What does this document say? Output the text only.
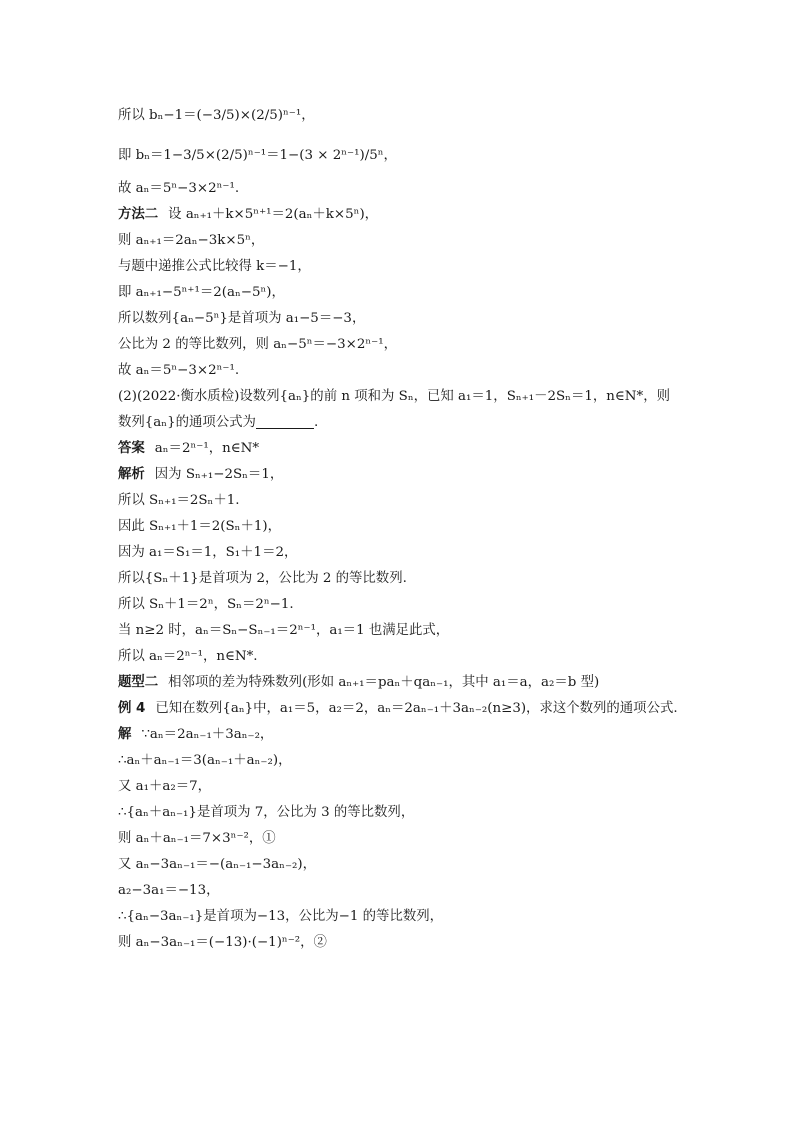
所以 bₙ−1＝(−3/5)×(2/5)ⁿ⁻¹，
即 bₙ＝1−3/5×(2/5)ⁿ⁻¹＝1−(3 × 2ⁿ⁻¹)/5ⁿ，
故 aₙ＝5ⁿ−3×2ⁿ⁻¹.
方法二 设 aₙ₊₁＋k×5ⁿ⁺¹＝2(aₙ＋k×5ⁿ)，
则 aₙ₊₁＝2aₙ−3k×5ⁿ，
与题中递推公式比较得 k＝−1，
即 aₙ₊₁−5ⁿ⁺¹＝2(aₙ−5ⁿ)，
所以数列{aₙ−5ⁿ}是首项为 a₁−5＝−3，
公比为 2 的等比数列，则 aₙ−5ⁿ＝−3×2ⁿ⁻¹，
故 aₙ＝5ⁿ−3×2ⁿ⁻¹.
(2)(2022·衡水质检)设数列{aₙ}的前 n 项和为 Sₙ，已知 a₁＝1，Sₙ₊₁－2Sₙ＝1，n∈N*，则数列{aₙ}的通项公式为	.
答案 aₙ＝2ⁿ⁻¹，n∈N*
解析 因为 Sₙ₊₁−2Sₙ＝1，
所以 Sₙ₊₁＝2Sₙ＋1.
因此 Sₙ₊₁＋1＝2(Sₙ＋1)，
因为 a₁＝S₁＝1，S₁＋1＝2，
所以{Sₙ＋1}是首项为 2，公比为 2 的等比数列.
所以 Sₙ＋1＝2ⁿ，Sₙ＝2ⁿ−1.
当 n≥2 时，aₙ＝Sₙ−Sₙ₋₁＝2ⁿ⁻¹，a₁＝1 也满足此式，
所以 aₙ＝2ⁿ⁻¹，n∈N*.
题型二 相邻项的差为特殊数列(形如 aₙ₊₁＝paₙ＋qaₙ₋₁，其中 a₁＝a，a₂＝b 型)
例 4 已知在数列{aₙ}中，a₁＝5，a₂＝2，aₙ＝2aₙ₋₁＋3aₙ₋₂(n≥3)，求这个数列的通项公式.
解 ∵aₙ＝2aₙ₋₁＋3aₙ₋₂，
∴aₙ＋aₙ₋₁＝3(aₙ₋₁＋aₙ₋₂)，
又 a₁＋a₂＝7，
∴{aₙ＋aₙ₋₁}是首项为 7，公比为 3 的等比数列，
则 aₙ＋aₙ₋₁＝7×3ⁿ⁻²，①
又 aₙ−3aₙ₋₁＝−(aₙ₋₁−3aₙ₋₂)，
a₂−3a₁＝−13，
∴{aₙ−3aₙ₋₁}是首项为−13，公比为−1 的等比数列，
则 aₙ−3aₙ₋₁＝(−13)·(−1)ⁿ⁻²，②
